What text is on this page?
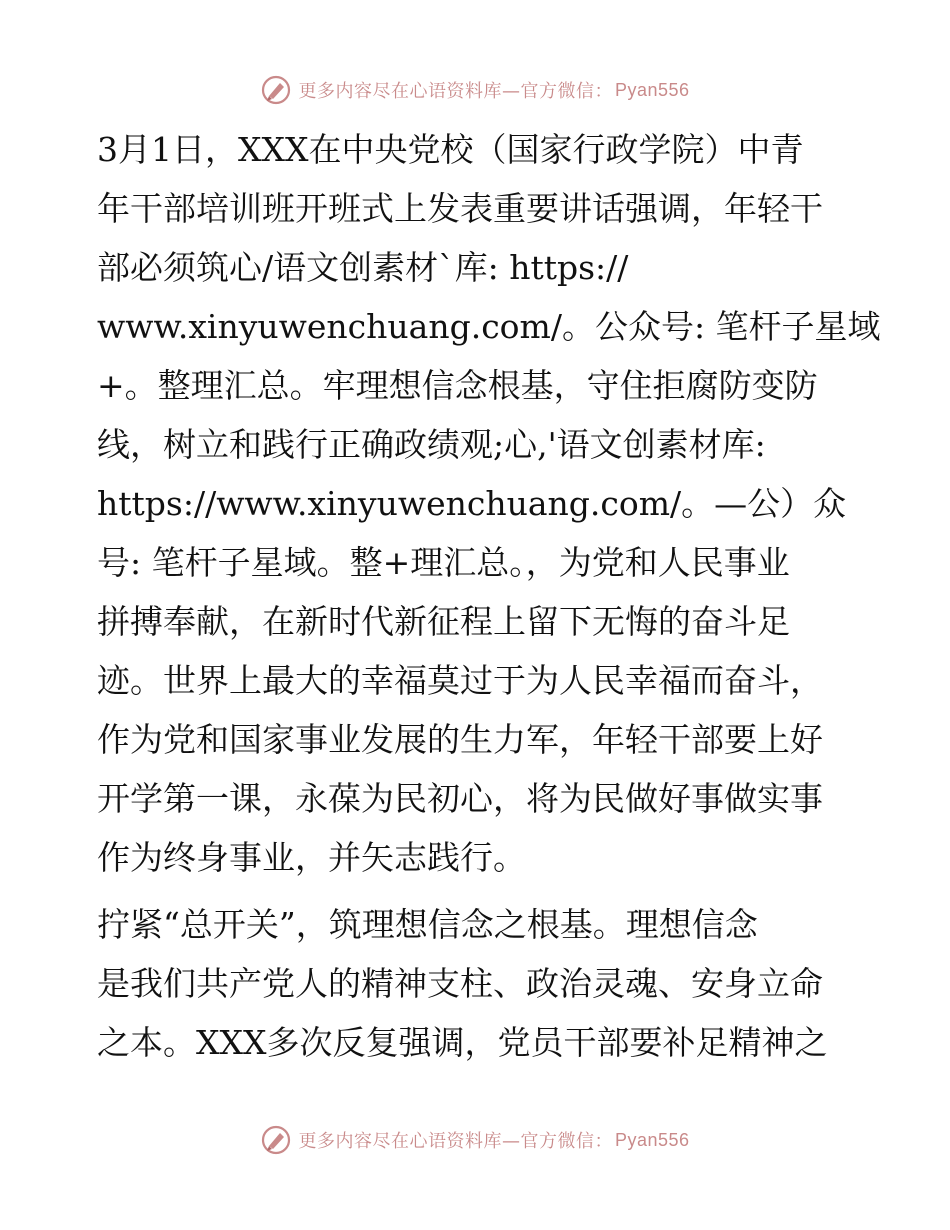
更多内容尽在心语资料库—官方微信： Pyan556

3月1日，XXX在中央党校（国家行政学院）中青
年干部培训班开班式上发表重要讲话强调，年轻干
部必须筑心/语文创素材`库: https://
www.xinyuwenchuang.com/。公众号: 笔杆子星域
+。整理汇总。牢理想信念根基，守住拒腐防变防
线，树立和践行正确政绩观;心,'语文创素材库:
https://www.xinyuwenchuang.com/。—公）众
号: 笔杆子星域。整+理汇总。，为党和人民事业
拼搏奉献，在新时代新征程上留下无悔的奋斗足
迹。世界上最大的幸福莫过于为人民幸福而奋斗，
作为党和国家事业发展的生力军，年轻干部要上好
开学第一课，永葆为民初心，将为民做好事做实事
作为终身事业，并矢志践行。

拧紧“总开关”，筑理想信念之根基。理想信念
是我们共产党人的精神支柱、政治灵魂、安身立命
之本。XXX多次反复强调，党员干部要补足精神之

更多内容尽在心语资料库—官方微信： Pyan556
